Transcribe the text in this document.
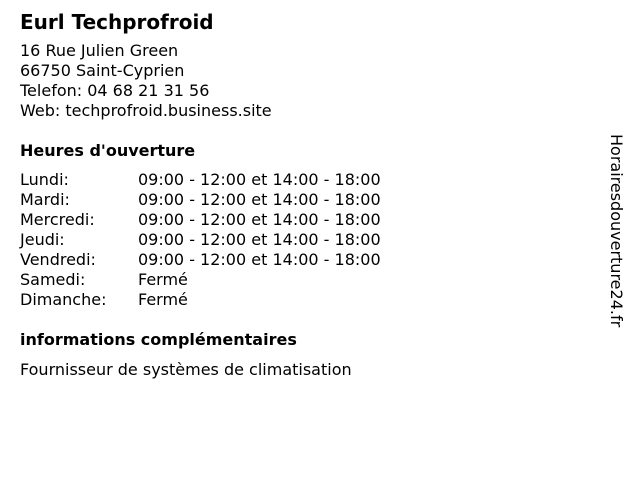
Eurl Techprofroid
16 Rue Julien Green
66750 Saint-Cyprien
Telefon: 04 68 21 31 56
Web: techprofroid.business.site
Heures d'ouverture
Lundi:	09:00 - 12:00 et 14:00 - 18:00
Mardi:	09:00 - 12:00 et 14:00 - 18:00
Mercredi:	09:00 - 12:00 et 14:00 - 18:00
Jeudi:	09:00 - 12:00 et 14:00 - 18:00
Vendredi:	09:00 - 12:00 et 14:00 - 18:00
Samedi:	Fermé
Dimanche:	Fermé
informations complémentaires
Fournisseur de systèmes de climatisation
Horairesdouverture24.fr
